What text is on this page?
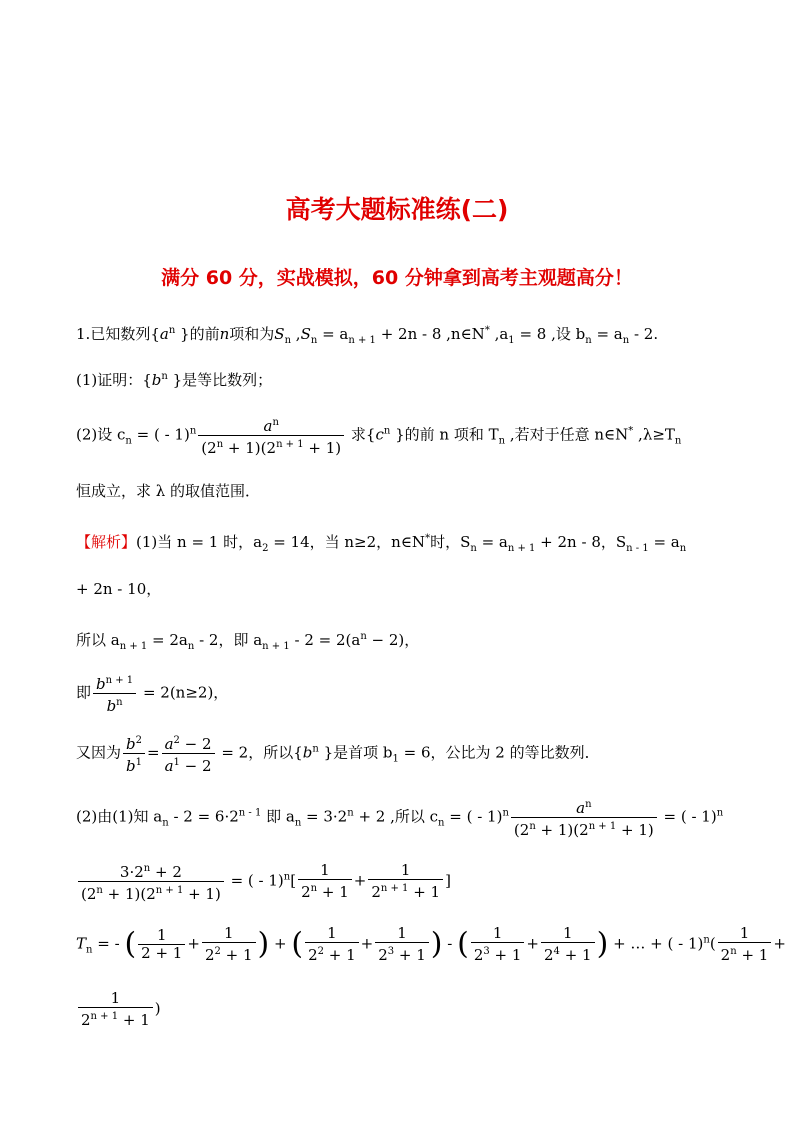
高考大题标准练(二)
满分 60 分，实战模拟，60 分钟拿到高考主观题高分！
1.已知数列{$a^n$ }的前n项和为$S_n$ $,S_n = a_{n + 1} + 2n - 8$ ,n∈N* $,a_1 = 8$ ,设 $b_n = a_n - 2$.
(1)证明：{$b^n$ }是等比数列；
(2)设 $c_n$ = ( - $1)^n \frac{a^n}{(2^n + 1)(2^{n + 1} + 1)}$ 求{$c^n$ }的前 n 项和 $T_n$ ,若对于任意 n∈N* $,\lambda\ge T_n$
恒成立，求 λ 的取值范围．
【解析】(1)当 n = 1 时，$a_2 = 14$，当 n≥2，n∈N*时，$S_n = a_{n + 1} + 2n - 8$，$S_{n - 1} = a_n$
+ 2n - 10，
所以 $a_{n + 1} = 2a_n - 2$，即 $a_{n + 1} - 2 = 2(a^n - 2)$，
即 $\frac{b^{n + 1}}{b^n} = 2(n\ge 2)$，
又因为 $\frac{b^2}{b^1} = \frac{a^2 - 2}{a^1 - 2} = 2$，所以{$b^n$ }是首项 $b_1 = 6$，公比为 2 的等比数列．
(2)由(1)知 $a_n - 2 = 6\cdot 2^{n - 1}$ 即 $a_n = 3\cdot 2^n + 2$ ,所以 $c_n$ = ( - $1)^n \frac{a^n}{(2^n + 1)(2^{n + 1} + 1)}$ = ( - 1)$^n$
$\frac{3\cdot 2^n + 2}{(2^n + 1)(2^{n + 1} + 1)}$ = ( - $1)^n[ \frac{1}{2^n + 1} + \frac{1}{2^{n + 1} + 1}$ ]
$T_n$ = - ( $\frac{1}{2 + 1} + \frac{1}{2^2 + 1}$ ) + ( $\frac{1}{2^2 + 1} + \frac{1}{2^3 + 1}$ ) - ( $\frac{1}{2^3 + 1} + \frac{1}{2^4 + 1}$ ) + … + ( - $1)^n( \frac{1}{2^n + 1}$ +
$\frac{1}{2^{n + 1} + 1}$ )
